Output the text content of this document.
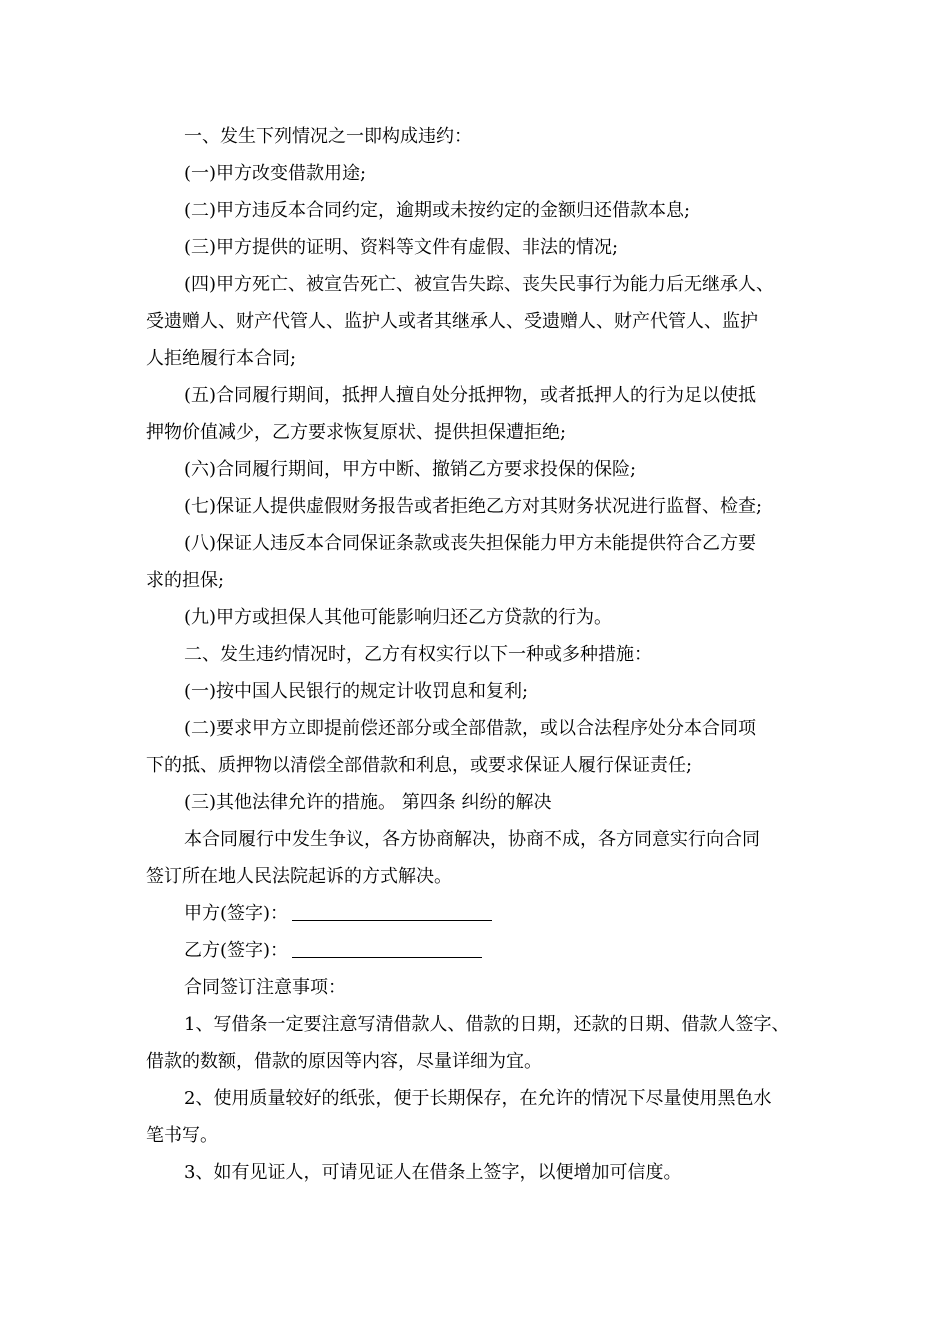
一、发生下列情况之一即构成违约：
(一)甲方改变借款用途;
(二)甲方违反本合同约定，逾期或未按约定的金额归还借款本息;
(三)甲方提供的证明、资料等文件有虚假、非法的情况;
(四)甲方死亡、被宣告死亡、被宣告失踪、丧失民事行为能力后无继承人、
受遗赠人、财产代管人、监护人或者其继承人、受遗赠人、财产代管人、监护
人拒绝履行本合同;
(五)合同履行期间，抵押人擅自处分抵押物，或者抵押人的行为足以使抵
押物价值减少，乙方要求恢复原状、提供担保遭拒绝;
(六)合同履行期间，甲方中断、撤销乙方要求投保的保险;
(七)保证人提供虚假财务报告或者拒绝乙方对其财务状况进行监督、检查;
(八)保证人违反本合同保证条款或丧失担保能力甲方未能提供符合乙方要
求的担保;
(九)甲方或担保人其他可能影响归还乙方贷款的行为。
二、发生违约情况时，乙方有权实行以下一种或多种措施：
(一)按中国人民银行的规定计收罚息和复利;
(二)要求甲方立即提前偿还部分或全部借款，或以合法程序处分本合同项
下的抵、质押物以清偿全部借款和利息，或要求保证人履行保证责任;
(三)其他法律允许的措施。 第四条 纠纷的解决
本合同履行中发生争议，各方协商解决，协商不成，各方同意实行向合同
签订所在地人民法院起诉的方式解决。
甲方(签字)：
乙方(签字)：
合同签订注意事项：
1、写借条一定要注意写清借款人、借款的日期，还款的日期、借款人签字、
借款的数额，借款的原因等内容，尽量详细为宜。
2、使用质量较好的纸张，便于长期保存，在允许的情况下尽量使用黑色水
笔书写。
3、如有见证人，可请见证人在借条上签字，以便增加可信度。
